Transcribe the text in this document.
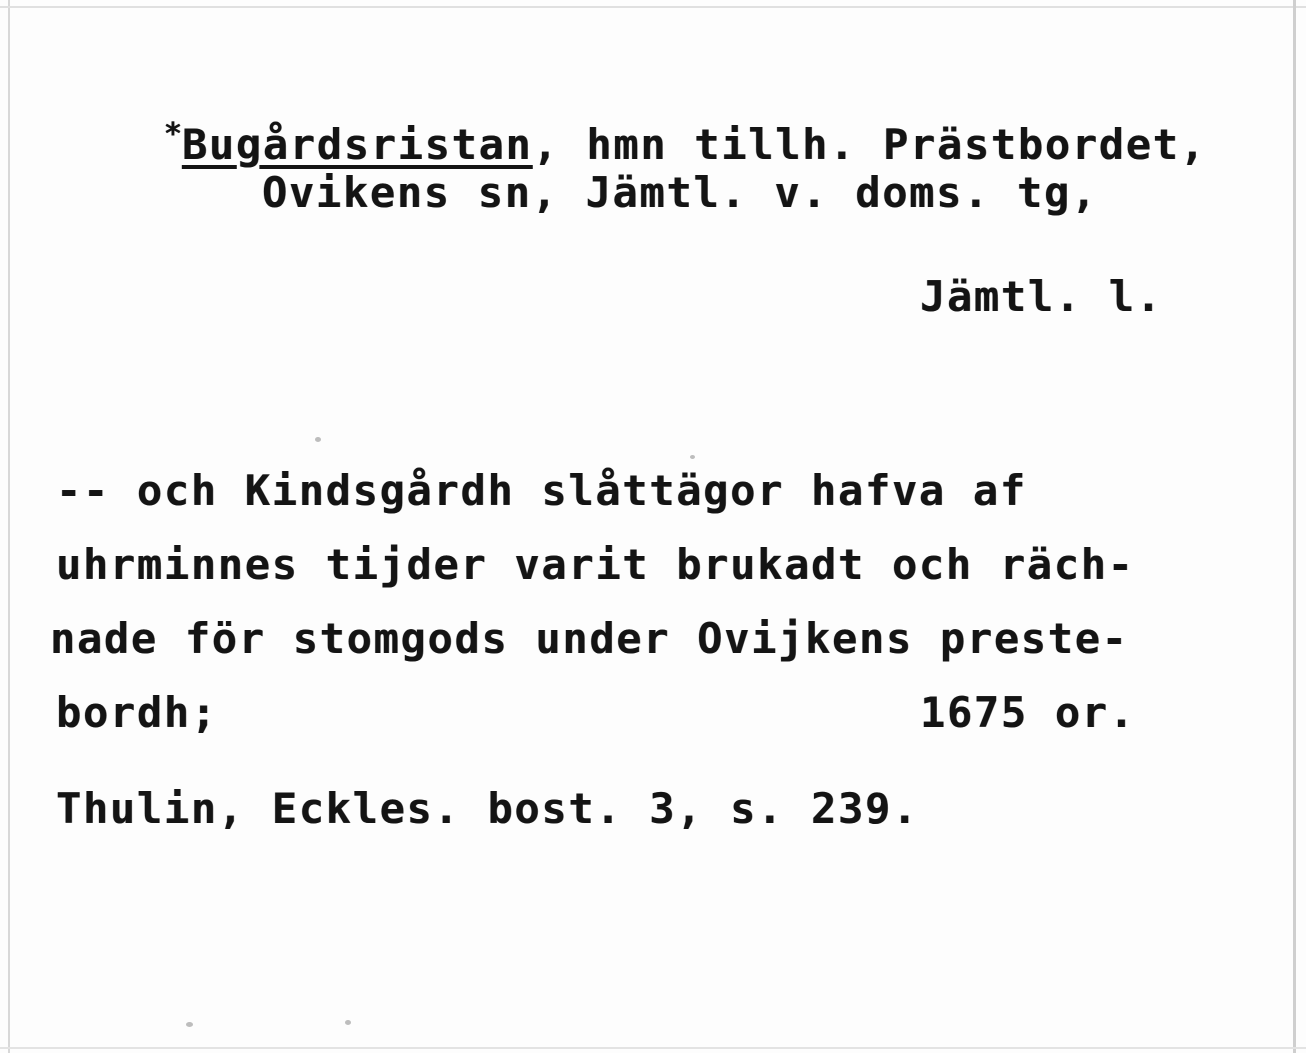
*Bugårdsristan, hmn tillh. Prästbordet,

Ovikens sn, Jämtl. v. doms. tg,
Jämtl. l.
-- och Kindsgårdh slåttägor hafva af
uhrminnes tijder varit brukadt och räch-
nade för stomgods under Ovijkens preste-
bordh;	1675 or.
Thulin, Eckles. bost. 3, s. 239.
